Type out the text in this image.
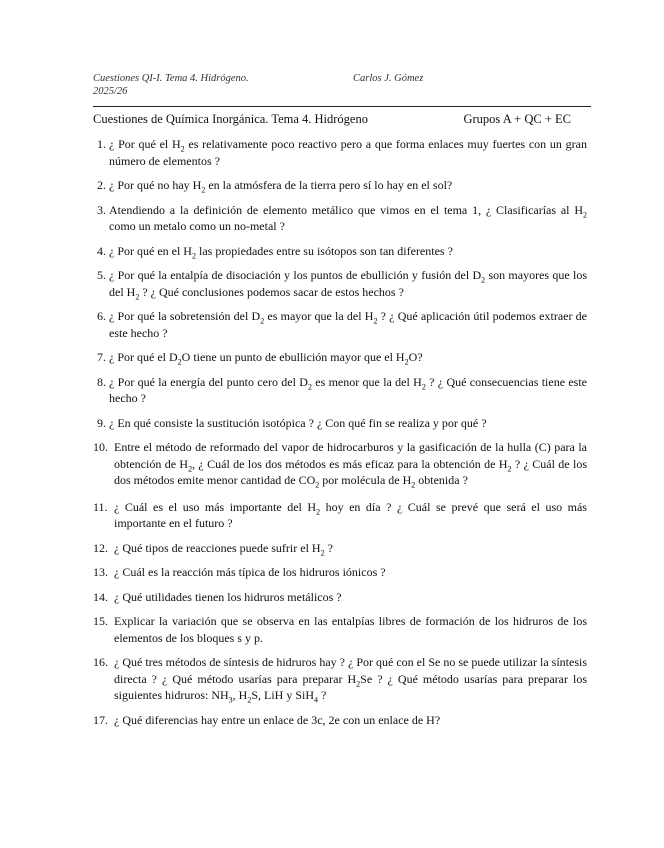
Cuestiones QI-I. Tema 4. Hidrógeno.
2025/26
Carlos J. Gómez
Cuestiones de Química Inorgánica. Tema 4. Hidrógeno	Grupos A + QC + EC
1. ¿ Por qué el $H_2$ es relativamente poco reactivo pero a que forma enlaces muy fuertes con un gran número de elementos ?
2. ¿ Por qué no hay $H_2$ en la atmósfera de la tierra pero sí lo hay en el sol?
3. Atendiendo a la definición de elemento metálico que vimos en el tema 1, ¿ Clasificarías al $H_2$ como un metalo como un no-metal ?
4. ¿ Por qué en el $H_2$ las propiedades entre su isótopos son tan diferentes ?
5. ¿ Por qué la entalpía de disociación y los puntos de ebullición y fusión del $D_2$ son mayores que los del $H_2$ ? ¿ Qué conclusiones podemos sacar de estos hechos ?
6. ¿ Por qué la sobretensión del $D_2$ es mayor que la del $H_2$ ? ¿ Qué aplicación útil podemos extraer de este hecho ?
7. ¿ Por qué el $D_2O$ tiene un punto de ebullición mayor que el $H_2O$?
8. ¿ Por qué la energía del punto cero del $D_2$ es menor que la del $H_2$ ? ¿ Qué consecuencias tiene este hecho ?
9. ¿ En qué consiste la sustitución isotópica ? ¿ Con qué fin se realiza y por qué ?
10. Entre el método de reformado del vapor de hidrocarburos y la gasificación de la hulla (C) para la obtención de $H_2$, ¿ Cuál de los dos métodos es más eficaz para la obtención de $H_2$ ? ¿ Cuál de los dos métodos emite menor cantidad de $CO_2$ por molécula de $H_2$ obtenida ?
11. ¿ Cuál es el uso más importante del $H_2$ hoy en día ? ¿ Cuál se prevé que será el uso más importante en el futuro ?
12. ¿ Qué tipos de reacciones puede sufrir el $H_2$ ?
13. ¿ Cuál es la reacción más típica de los hidruros iónicos ?
14. ¿ Qué utilidades tienen los hidruros metálicos ?
15. Explicar la variación que se observa en las entalpías libres de formación de los hidruros de los elementos de los bloques s y p.
16. ¿ Qué tres métodos de síntesis de hidruros hay ? ¿ Por qué con el Se no se puede utilizar la síntesis directa ? ¿ Qué método usarías para preparar $H_2Se$ ? ¿ Qué método usarías para preparar los siguientes hidruros: $NH_3$, $H_2S$, LiH y SiH$_4$ ?
17. ¿ Qué diferencias hay entre un enlace de 3c, 2e con un enlace de H?
